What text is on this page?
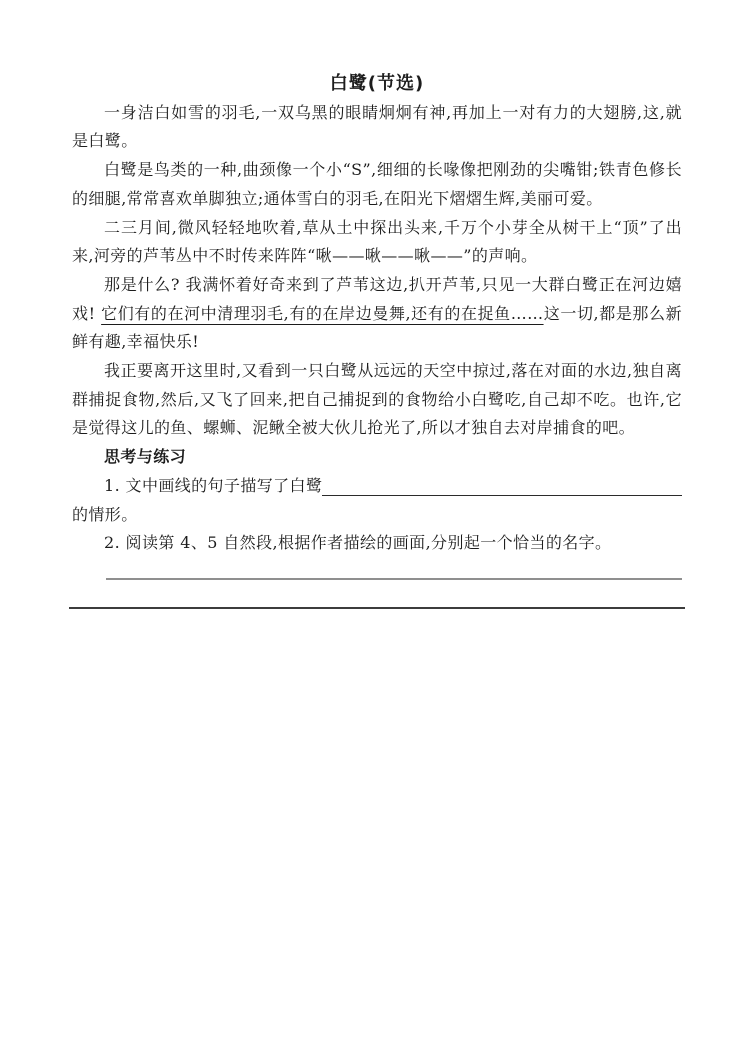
白鹭(节选)

一身洁白如雪的羽毛,一双乌黑的眼睛炯炯有神,再加上一对有力的大翅膀,这,就是白鹭。

白鹭是鸟类的一种,曲颈像一个小“S”,细细的长喙像把刚劲的尖嘴钳;铁青色修长的细腿,常常喜欢单脚独立;通体雪白的羽毛,在阳光下熠熠生辉,美丽可爱。

二三月间,微风轻轻地吹着,草从土中探出头来,千万个小芽全从树干上“顶”了出来,河旁的芦苇丛中不时传来阵阵“啾——啾——啾——”的声响。

那是什么? 我满怀着好奇来到了芦苇这边,扒开芦苇,只见一大群白鹭正在河边嬉戏! 它们有的在河中清理羽毛,有的在岸边曼舞,还有的在捉鱼……这一切,都是那么新鲜有趣,幸福快乐!

我正要离开这里时,又看到一只白鹭从远远的天空中掠过,落在对面的水边,独自离群捕捉食物,然后,又飞了回来,把自己捕捉到的食物给小白鹭吃,自己却不吃。也许,它是觉得这儿的鱼、螺蛳、泥鳅全被大伙儿抢光了,所以才独自去对岸捕食的吧。

思考与练习
1. 文中画线的句子描写了白鹭

的情形。

2. 阅读第 4、5 自然段,根据作者描绘的画面,分别起一个恰当的名字。
